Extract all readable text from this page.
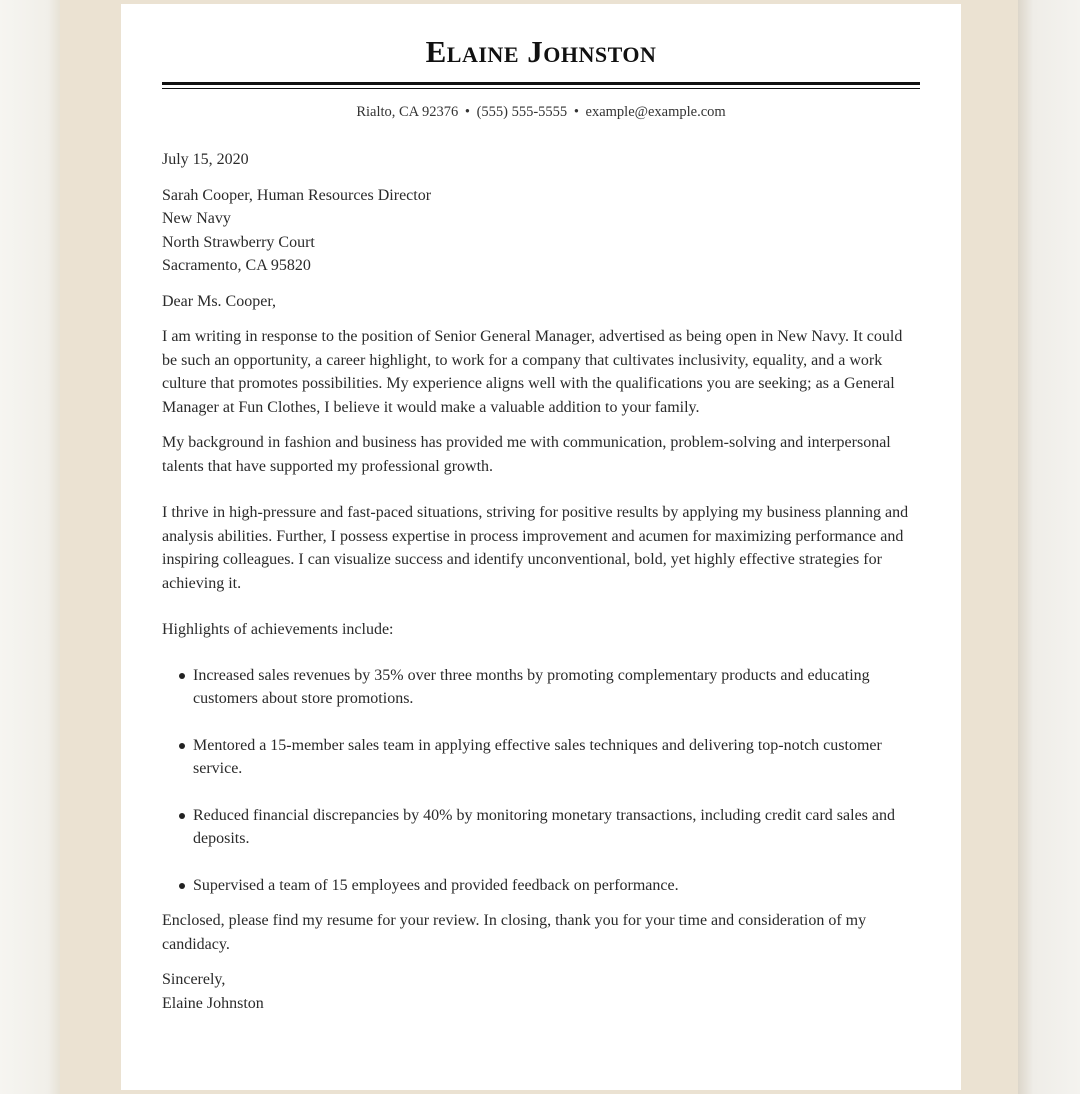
Elaine Johnston
Rialto, CA 92376 • (555) 555-5555 • example@example.com
July 15, 2020
Sarah Cooper, Human Resources Director
New Navy
North Strawberry Court
Sacramento, CA 95820
Dear Ms. Cooper,
I am writing in response to the position of Senior General Manager, advertised as being open in New Navy. It could be such an opportunity, a career highlight, to work for a company that cultivates inclusivity, equality, and a work culture that promotes possibilities. My experience aligns well with the qualifications you are seeking; as a General Manager at Fun Clothes, I believe it would make a valuable addition to your family.
My background in fashion and business has provided me with communication, problem-solving and interpersonal talents that have supported my professional growth.
I thrive in high-pressure and fast-paced situations, striving for positive results by applying my business planning and analysis abilities. Further, I possess expertise in process improvement and acumen for maximizing performance and inspiring colleagues. I can visualize success and identify unconventional, bold, yet highly effective strategies for achieving it.
Highlights of achievements include:
Increased sales revenues by 35% over three months by promoting complementary products and educating customers about store promotions.
Mentored a 15-member sales team in applying effective sales techniques and delivering top-notch customer service.
Reduced financial discrepancies by 40% by monitoring monetary transactions, including credit card sales and deposits.
Supervised a team of 15 employees and provided feedback on performance.
Enclosed, please find my resume for your review. In closing, thank you for your time and consideration of my candidacy.
Sincerely,
Elaine Johnston
